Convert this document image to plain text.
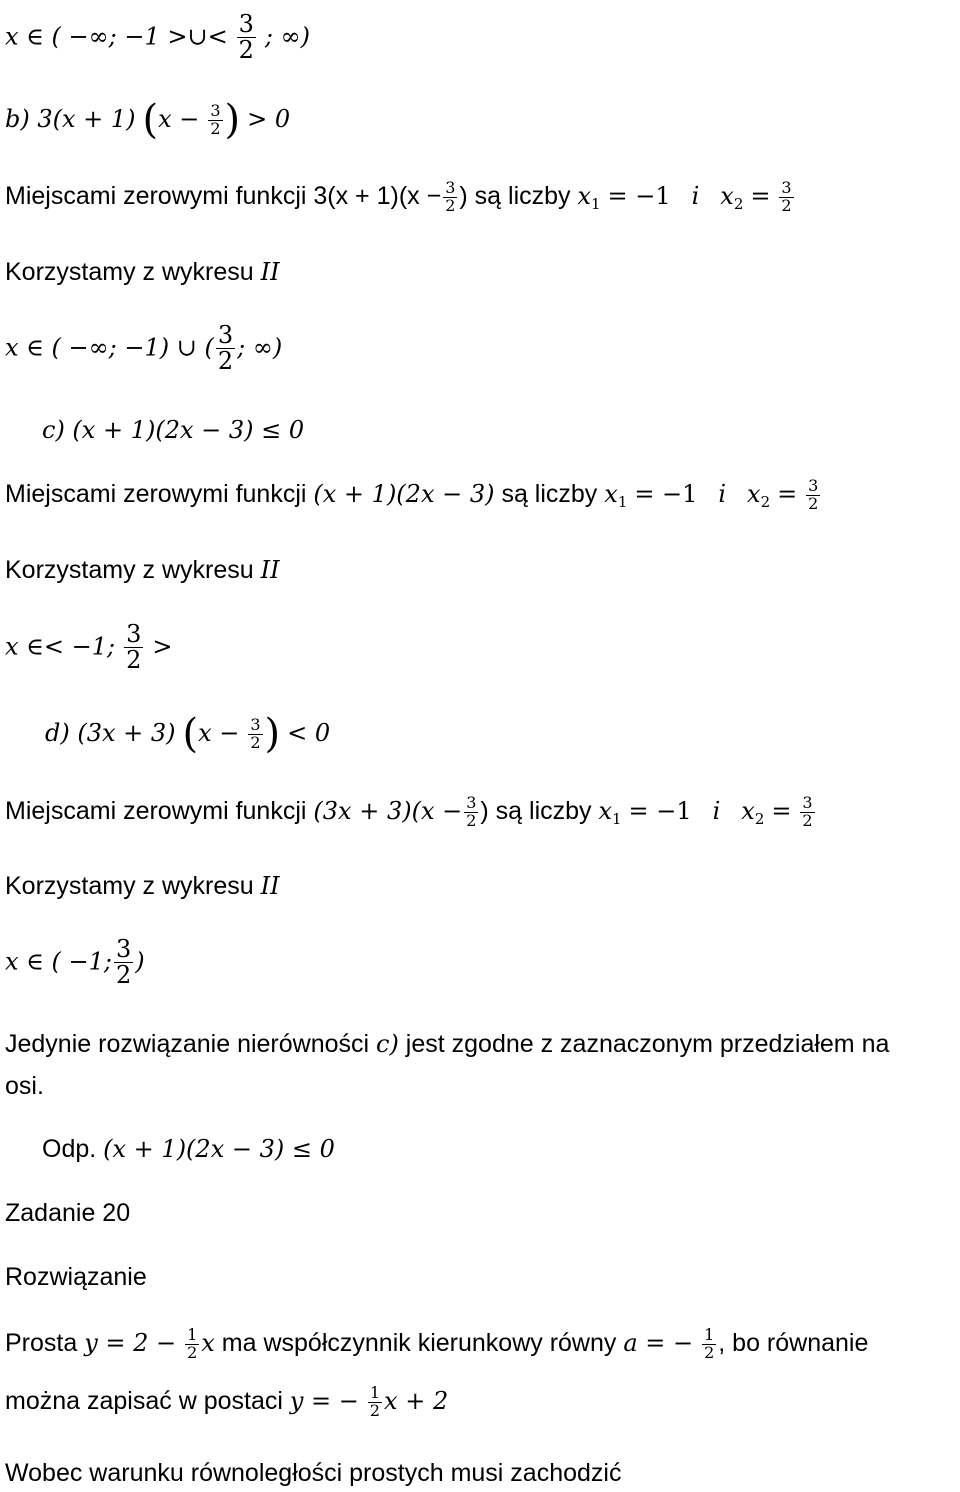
x ∈ ( −∞; −1 >∪< $\frac{3}{2}$ ; ∞)
b) 3(x + 1) ($x - \frac{3}{2}$ ) > 0
Miejscami zerowymi funkcji $3(x + 1)(x - \frac{3}{2}$ ) są liczby $x_1 = -1$ i $x_2 = \frac{3}{2}$
Korzystamy z wykresu II
x ∈ ( −∞; −1) ∪ ( $\frac{3}{2}$ ; ∞)
c) (x + 1)(2x − 3) ≤ 0
Miejscami zerowymi funkcji (x + 1)(2x − 3) są liczby $x_1 = -1$ i $x_2 = \frac{3}{2}$
Korzystamy z wykresu II
x ∈< −1; $\frac{3}{2}$ >
d) (3x + 3) ($x - \frac{3}{2}$ ) < 0
Miejscami zerowymi funkcji $(3x + 3)(x - \frac{3}{2}$ ) są liczby $x_1 = -1$ i $x_2 = \frac{3}{2}$
Korzystamy z wykresu II
x ∈ ( −1; $\frac{3}{2}$ )
Jedynie rozwiązanie nierówności c) jest zgodne z zaznaczonym przedziałem na
osi.
Odp. (x + 1)(2x − 3) ≤ 0
Zadanie 20
Rozwiązanie
Prosta $y = 2 - \frac{1}{2}$ x ma współczynnik kierunkowy równy a = − $\frac{1}{2}$ , bo równanie
można zapisać w postaci y = − $\frac{1}{2}$ x + 2
Wobec warunku równoległości prostych musi zachodzić
